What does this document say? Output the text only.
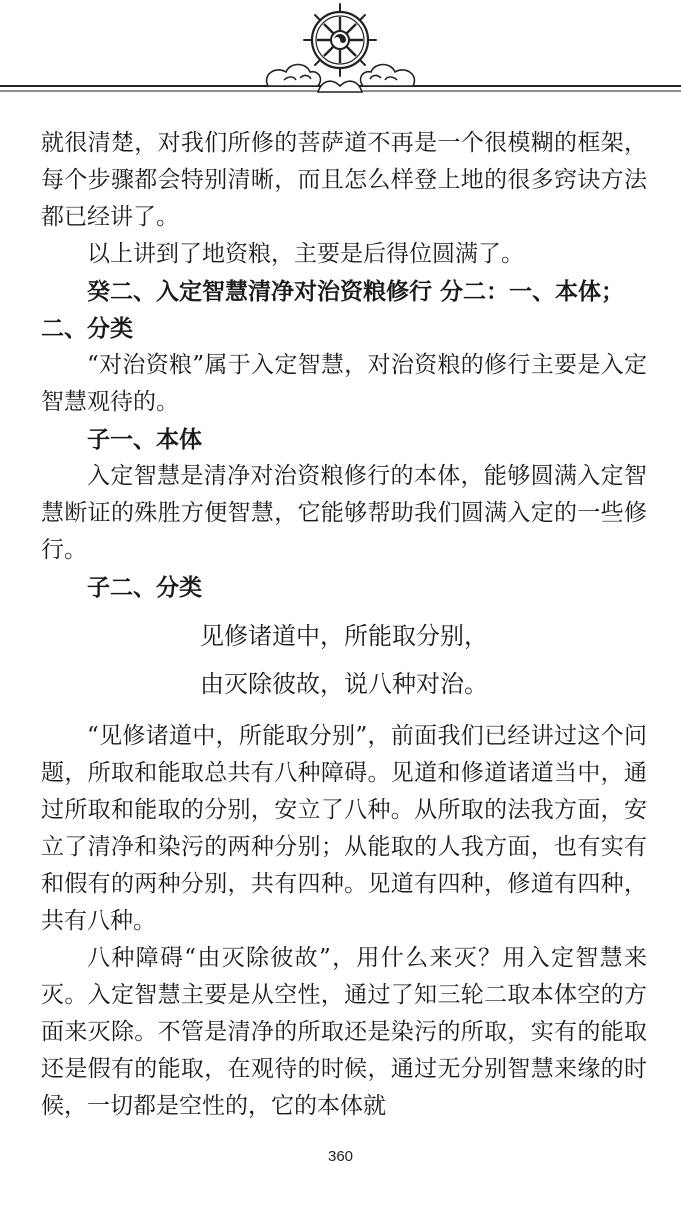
就很清楚，对我们所修的菩萨道不再是一个很模糊的框架，每个步骤都会特别清晰，而且怎么样登上地的很多窍诀方法都已经讲了。

以上讲到了地资粮，主要是后得位圆满了。

癸二、入定智慧清净对治资粮修行 分二：一、本体；二、分类

“对治资粮”属于入定智慧，对治资粮的修行主要是入定智慧观待的。

子一、本体

入定智慧是清净对治资粮修行的本体，能够圆满入定智慧断证的殊胜方便智慧，它能够帮助我们圆满入定的一些修行。

子二、分类

见修诸道中，所能取分别，

由灭除彼故，说八种对治。

“见修诸道中，所能取分别”，前面我们已经讲过这个问题，所取和能取总共有八种障碍。见道和修道诸道当中，通过所取和能取的分别，安立了八种。从所取的法我方面，安立了清净和染污的两种分别；从能取的人我方面，也有实有和假有的两种分别，共有四种。见道有四种，修道有四种，共有八种。

八种障碍“由灭除彼故”，用什么来灭？用入定智慧来灭。入定智慧主要是从空性，通过了知三轮二取本体空的方面来灭除。不管是清净的所取还是染污的所取，实有的能取还是假有的能取，在观待的时候，通过无分别智慧来缘的时候，一切都是空性的，它的本体就

360
